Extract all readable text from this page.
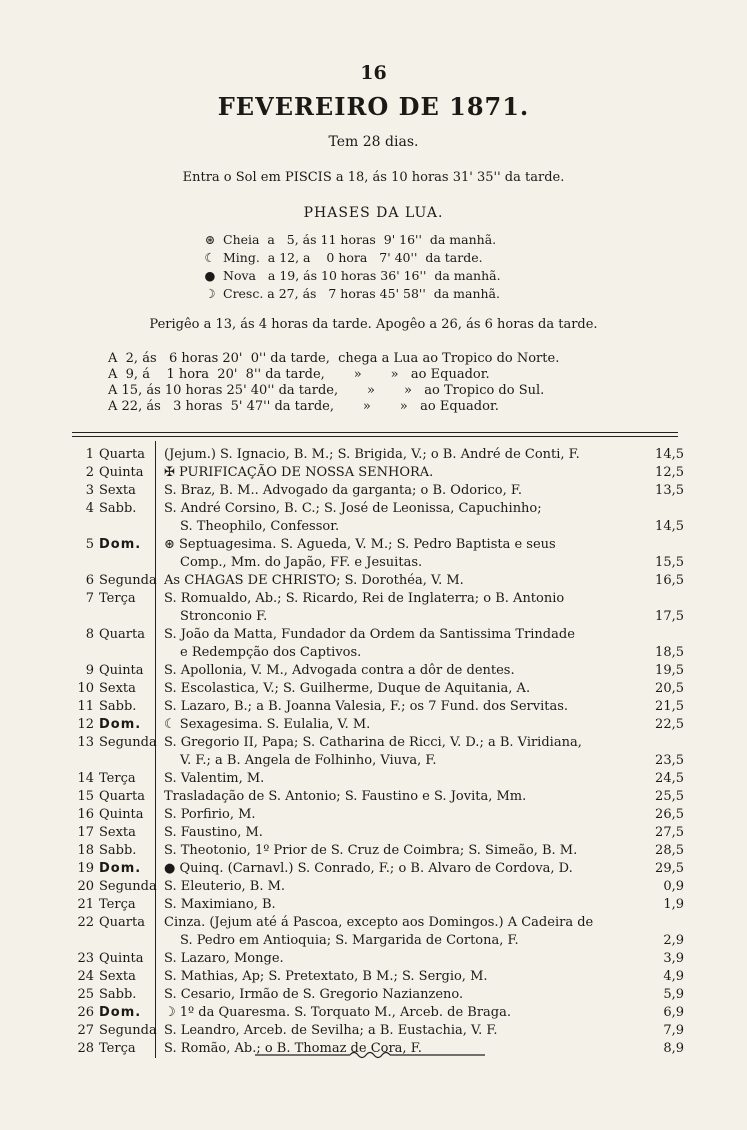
16
FEVEREIRO DE 1871.
Tem 28 dias.
Entra o Sol em PISCIS a 18, ás 10 horas 31' 35'' da tarde.
PHASES DA LUA.
⊛ Cheia  a   5, ás 11 horas  9' 16''  da manhã.
☾ Ming.  a 12, a    0 hora   7' 40''  da tarde.
● Nova   a 19, ás 10 horas 36' 16''  da manhã.
☽ Cresc. a 27, ás   7 horas 45' 58''  da manhã.
Perigêo a 13, ás 4 horas da tarde. Apogêo a 26, ás 6 horas da tarde.
A  2, ás   6 horas 20'  0'' da tarde,  chega a Lua ao Tropico do Norte.
A  9, á    1 hora  20'  8'' da tarde,       »       »   ao Equador.
A 15, ás 10 horas 25' 40'' da tarde,       »       »   ao Tropico do Sul.
A 22, ás   3 horas  5' 47'' da tarde,       »       »   ao Equador.
1 Quarta	(Jejum.) S. Ignacio, B. M.; S. Brigida, V.; o B. André de Conti, F.	14,5
2 Quinta	✠ PURIFICAÇÃO DE NOSSA SENHORA.	12,5
3 Sexta	S. Braz, B. M.. Advogado da garganta; o B. Odorico, F.	13,5
4 Sabb.	S. André Corsino, B. C.; S. José de Leonissa, Capuchinho;
S. Theophilo, Confessor.	14,5
5 Dom.	⊛ Septuagesima. S. Agueda, V. M.; S. Pedro Baptista e seus
Comp., Mm. do Japão, FF. e Jesuitas.	15,5
6 Segunda As CHAGAS DE CHRISTO; S. Dorothéa, V. M.	16,5
7 Terça	S. Romualdo, Ab.; S. Ricardo, Rei de Inglaterra; o B. Antonio
Stronconio F.	17,5
8 Quarta	S. João da Matta, Fundador da Ordem da Santissima Trindade
e Redempção dos Captivos.	18,5
9 Quinta	S. Apollonia, V. M., Advogada contra a dôr de dentes.	19,5
10 Sexta	S. Escolastica, V.; S. Guilherme, Duque de Aquitania, A.	20,5
11 Sabb.	S. Lazaro, B.; a B. Joanna Valesia, F.; os 7 Fund. dos Servitas.	21,5
12 Dom.	☾ Sexagesima. S. Eulalia, V. M.	22,5
13 Segunda S. Gregorio II, Papa; S. Catharina de Ricci, V. D.; a B. Viridiana,
V. F.; a B. Angela de Folhinho, Viuva, F.	23,5
14 Terça	S. Valentim, M.	24,5
15 Quarta	Trasladação de S. Antonio; S. Faustino e S. Jovita, Mm.	25,5
16 Quinta	S. Porfirio, M.	26,5
17 Sexta	S. Faustino, M.	27,5
18 Sabb.	S. Theotonio, 1º Prior de S. Cruz de Coimbra; S. Simeão, B. M.	28,5
19 Dom.	● Quinq. (Carnavl.) S. Conrado, F.; o B. Alvaro de Cordova, D.	29,5
20 Segunda S. Eleuterio, B. M.	0,9
21 Terça	S. Maximiano, B.	1,9
22 Quarta	Cinza. (Jejum até á Pascoa, excepto aos Domingos.) A Cadeira de
S. Pedro em Antioquia; S. Margarida de Cortona, F.	2,9
23 Quinta	S. Lazaro, Monge.	3,9
24 Sexta	S. Mathias, Ap; S. Pretextato, B M.; S. Sergio, M.	4,9
25 Sabb.	S. Cesario, Irmão de S. Gregorio Nazianzeno.	5,9
26 Dom.	☽ 1º da Quaresma. S. Torquato M., Arceb. de Braga.	6,9
27 Segunda S. Leandro, Arceb. de Sevilha; a B. Eustachia, V. F.	7,9
28 Terça	S. Romão, Ab.; o B. Thomaz de Cora, F.	8,9
